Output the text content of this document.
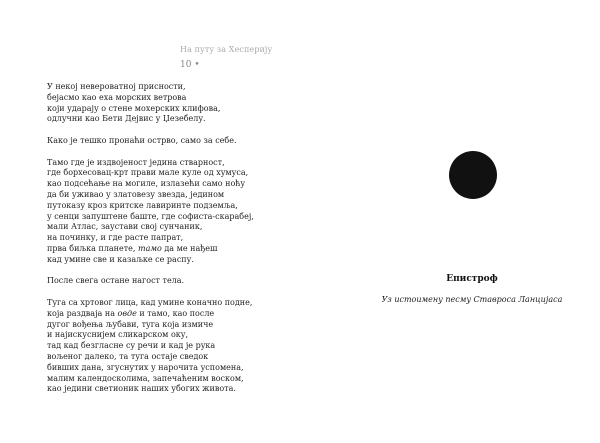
На путу за Хесперију
10 •
У некој невероватној присности,
бејасмо као еха морских ветрова
који ударају о стене мохерских клифова,
одлучни као Бети Дејвис у Џезебелу.
Како је тешко пронаћи острво, само за себе.
Тамо где је издвојеност једина стварност,
где борхесовац-крт прави мале куле од хумуса,
као подсећање на могиле, излазећи само ноћу
да би уживао у златовезу звезда, једином
путоказу кроз критске лавиринте подземља,
у сенци запуштене баште, где софиста-скарабеј,
мали Атлас, заустави свој сунчаник,
на починку, и где расте папрат,
прва биљка планете, тамо да ме нађеш
кад умине све и казаљке се распу.
После свега остане нагост тела.
Туга са хртовог лица, кад умине коначно подне,
која раздваја на овде и тамо, као после
дугог вођења љубави, туга која измиче
и најискуснијем сликарском оку,
тад кад безгласне су речи и кад је рука
вољеног далеко, та туга остаје сведок
бивших дана, згуснутих у нарочита успомена,
малим календосколима, запечаћеним воском,
као једини светионик наших убогих живота.
Епистроф
Уз истоимену песму Ставроса Ланцијаса
